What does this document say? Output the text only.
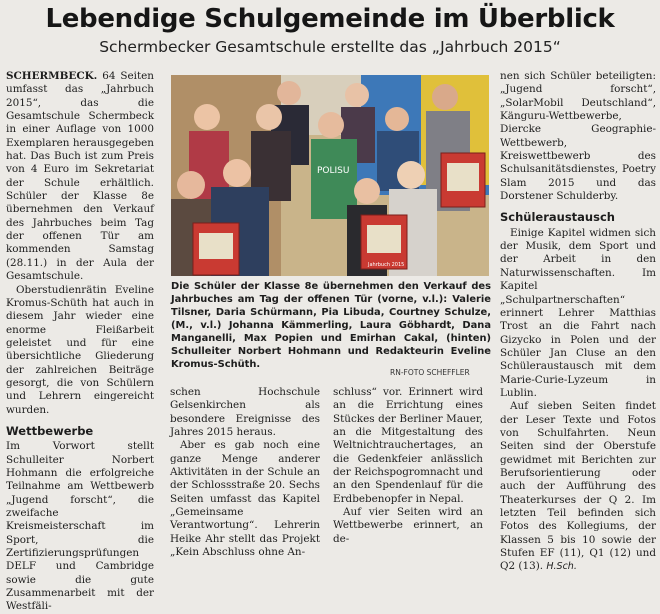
Lebendige Schulgemeinde im Überblick
Schermbecker Gesamtschule erstellte das „Jahrbuch 2015“

SCHERMBECK. 64 Seiten umfasst das „Jahrbuch 2015“, das die Gesamtschule Schermbeck in einer Auflage von 1000 Exemplaren herausgegeben hat. Das Buch ist zum Preis von 4 Euro im Sekretariat der Schule erhältlich. Schüler der Klasse 8e übernehmen den Verkauf des Jahrbuches beim Tag der offenen Tür am kommenden Samstag (28.11.) in der Aula der Gesamtschule.

Oberstudienrätin Eveline Kromus-Schüth hat auch in diesem Jahr wieder eine enorme Fleißarbeit geleistet und für eine übersichtliche Gliederung der zahlreichen Beiträge gesorgt, die von Schülern und Lehrern eingereicht wurden.

Wettbewerbe

Im Vorwort stellt Schulleiter Norbert Hohmann die erfolgreiche Teilnahme am Wettbewerb „Jugend forscht“, die zweifache Kreismeisterschaft im Sport, die Zertifizierungsprüfungen DELF und Cambridge sowie die gute Zusammenarbeit mit der Westfäli-

POLISU
Jahrbuch 2015
Die Schüler der Klasse 8e übernehmen den Verkauf des Jahrbuches am Tag der offenen Tür (vorne, v.l.): Valerie Tilsner, Daria Schürmann, Pia Libuda, Courtney Schulze, (M., v.l.) Johanna Kämmerling, Laura Göbhardt, Dana Manganelli, Max Popien und Emirhan Cakal, (hinten) Schulleiter Norbert Hohmann und Redakteurin Eveline Kromus-Schüth.
RN-FOTO SCHEFFLER

schen Hochschule Gelsenkirchen als besondere Ereignisse des Jahres 2015 heraus.

Aber es gab noch eine ganze Menge anderer Aktivitäten in der Schule an der Schlossstraße 20. Sechs Seiten umfasst das Kapitel „Gemeinsame Verantwortung“. Lehrerin Heike Ahr stellt das Projekt „Kein Abschluss ohne An-

schluss“ vor. Erinnert wird an die Errichtung eines Stückes der Berliner Mauer, an die Mitgestaltung des Weltnichtrauchertages, an die Gedenkfeier anlässlich der Reichspogromnacht und an den Spendenlauf für die Erdbebenopfer in Nepal.

Auf vier Seiten wird an Wettbewerbe erinnert, an de-

nen sich Schüler beteiligten: „Jugend forscht“, „SolarMobil Deutschland“, Känguru-Wettbewerbe, Diercke Geographie-Wettbewerb, Kreiswettbewerb des Schulsanitätsdienstes, Poetry Slam 2015 und das Dorstener Schulderby.

Schüleraustausch

Einige Kapitel widmen sich der Musik, dem Sport und der Arbeit in den Naturwissenschaften. Im Kapitel „Schulpartnerschaften“ erinnert Lehrer Matthias Trost an die Fahrt nach Gizycko in Polen und der Schüler Jan Cluse an den Schüleraustausch mit dem Marie-Curie-Lyzeum in Lublin.

Auf sieben Seiten findet der Leser Texte und Fotos von Schulfahrten. Neun Seiten sind der Oberstufe gewidmet mit Berichten zur Berufsorientierung oder auch der Aufführung des Theaterkurses der Q 2. Im letzten Teil befinden sich Fotos des Kollegiums, der Klassen 5 bis 10 sowie der Stufen EF (11), Q1 (12) und Q2 (13). H.Sch.
